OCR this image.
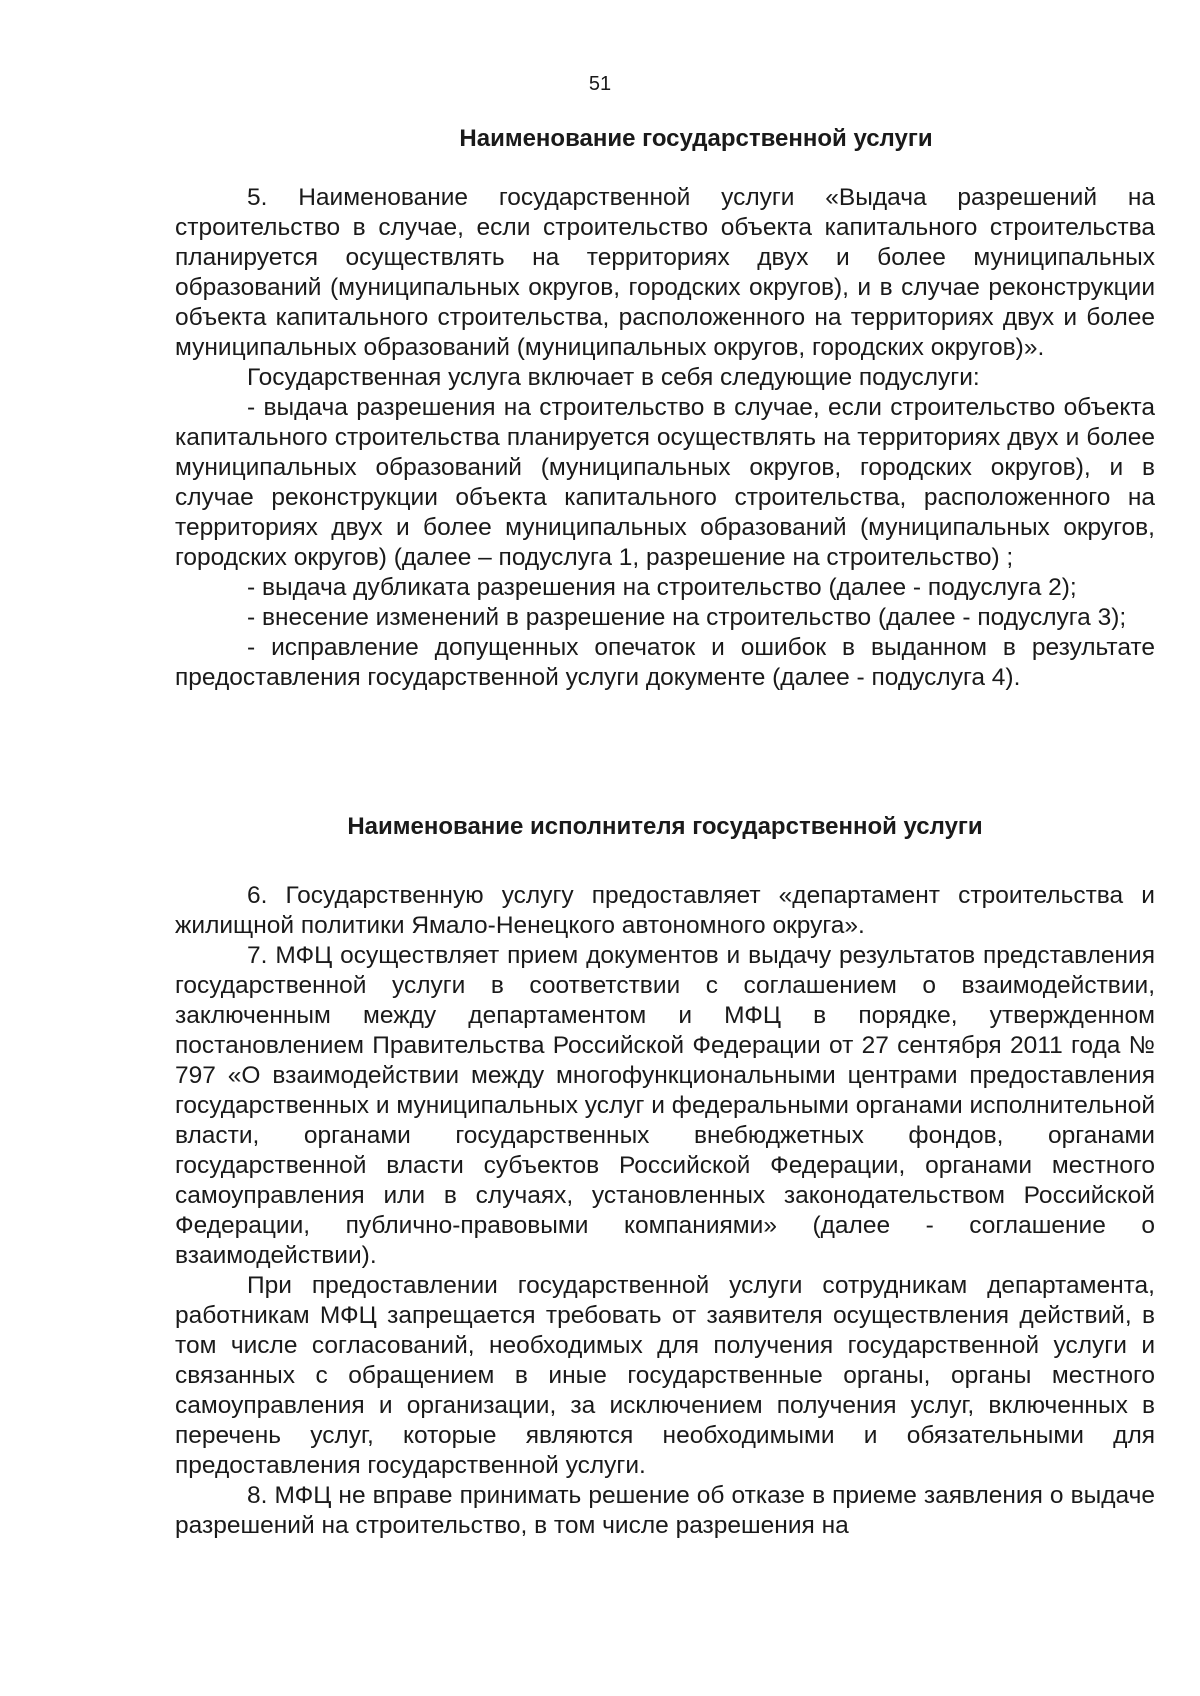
51
Наименование государственной услуги

5. Наименование государственной услуги «Выдача разрешений на строительство в случае, если строительство объекта капитального строительства планируется осуществлять на территориях двух и более муниципальных образований (муниципальных округов, городских округов), и в случае реконструкции объекта капитального строительства, расположенного на территориях двух и более муниципальных образований (муниципальных округов, городских округов)».

Государственная услуга включает в себя следующие подуслуги:

- выдача разрешения на строительство в случае, если строительство объекта капитального строительства планируется осуществлять на территориях двух и более муниципальных образований (муниципальных округов, городских округов), и в случае реконструкции объекта капитального строительства, расположенного на территориях двух и более муниципальных образований (муниципальных округов, городских округов) (далее – подуслуга 1, разрешение на строительство) ;

- выдача дубликата разрешения на строительство (далее - подуслуга 2);

- внесение изменений в разрешение на строительство (далее - подуслуга 3);

- исправление допущенных опечаток и ошибок в выданном в результате предоставления государственной услуги документе (далее - подуслуга 4).

Наименование исполнителя государственной услуги

6. Государственную услугу предоставляет «департамент строительства и жилищной политики Ямало-Ненецкого автономного округа».

7. МФЦ осуществляет прием документов и выдачу результатов представления государственной услуги в соответствии с соглашением о взаимодействии, заключенным между департаментом и МФЦ в порядке, утвержденном постановлением Правительства Российской Федерации от 27 сентября 2011 года № 797 «О взаимодействии между многофункциональными центрами предоставления государственных и муниципальных услуг и федеральными органами исполнительной власти, органами государственных внебюджетных фондов, органами государственной власти субъектов Российской Федерации, органами местного самоуправления или в случаях, установленных законодательством Российской Федерации, публично-правовыми компаниями» (далее - соглашение о взаимодействии).

При предоставлении государственной услуги сотрудникам департамента, работникам МФЦ запрещается требовать от заявителя осуществления действий, в том числе согласований, необходимых для получения государственной услуги и связанных с обращением в иные государственные органы, органы местного самоуправления и организации, за исключением получения услуг, включенных в перечень услуг, которые являются необходимыми и обязательными для предоставления государственной услуги.

8. МФЦ не вправе принимать решение об отказе в приеме заявления о выдаче разрешений на строительство, в том числе разрешения на
